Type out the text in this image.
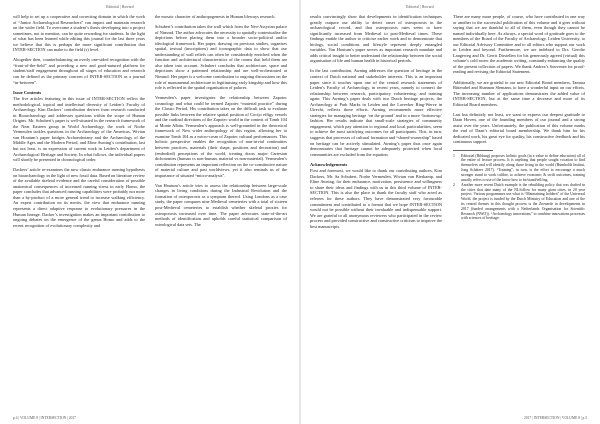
Editorial | Howard

will help to set up a cooperative and correcting domain in which the work of “Junior Archaeological Researchers” can impact and maintain research on the wider field. To overcome a student’s thesis developing into a project sometimes, not to mention, can be quite rewarding for students. In the light of what has been learned while editing this journal for the last three years we believe that this is perhaps the more significant contribution that INTER-SECTION can make to the field (s) level.

Altogether then, counterbalancing an overly one-sided recognition with the “front-of-the-field” and providing a new and good-natured platform for student/staff engagement throughout all stages of education and research can be defined as the primary concern of INTER-SECTION as a journal “in-between”.

Issue Contents

The five articles featuring in this issue of INTER-SECTION reflect the methodological, topical and intellectual diversity of Leiden’s Faculty of Archaeology. Kim Dackers’ contribution derives from research conducted in Bioarchaeology and addresses questions within the scope of Human Origins. Mr. Schubert’s paper is well-situated in the research framework of the Near Eastern group in World Archaeology, the work of Norbe Vermeulen tackles questions in the Archaeology of the Americas, Wivian van Houtum’s paper bridges Archaeobotany and the Archaeology of the Middle Ages and the Modern Period, and Eline Awning’s contribution, last but not least, is an expression of current work in Leiden’s department of Archaeological Heritage and Society. In what follows, the individual papers will shortly be presented in chronological order.

Dackers’ article re-examines the now classic endurance running hypothesis on bioarchaeology in the light of new fossil data. Based on literature review of the available skeletal evidence and the careful consideration of possible anatomical consequences of increased running stress in early Homo, the paper concludes that advanced running capabilities were probably not more than a by-product of a more general trend to increase walking efficiency. An expert contribution on its merits, the view that endurance running represents a direct adaptive response to evolutionary pressures in the Human lineage. Dacker’s investigation makes an important contribution to ongoing debates on the emergence of the genus Homo and adds to the recent recognition of evolutionary complexity and

the mosaic character of anthropogenesis in Human lifeways research.

Schubert’s contribution takes the wall which from the Neo-Assyrian palace of Nimrud. The author advocates the necessity to spatially contextualise the depictions before placing them into a broader socio-political and/or ideological framework. Her paper, drawing on previous studies, organises spatial, textual (inscriptions) and iconographic data to show that our understanding of wall reliefs can often be considerably enriched when the function and architectural characteristics of the rooms that held them are also taken into account. Schubert concludes that architecture, space and depictions show a patterned relationship and are well-orchestrated at Nimrud. Her paper is a welcome contribution to ongoing discussions on the role of monumental architecture in legitimising early kingship and how this role is reflected in the spatial organisation of palaces.

Vermeulen’s paper investigates the relationship between Zapotec cosmology and what could be termed Zapotec “material practice” during the Classic Period. His contribution takes on the difficult task to evaluate possible links between the relative spatial position of Cocijo effigy vessels and the cardinal directions of the Zapotec world in the context of Tomb 104 at Monte Albán. Vermeulen’s approach is well-grounded in the theoretical framework of New wider anthropology of this region, allowing her to examine Tomb 104 as a micro-cosm of Zapotec cultural performances. This holistic perspective enables the recognition of non-trivial continuities between practices, materials (their shape, positions and decoration) and (embodied) perceptions of the world, treating doors major Cartesian dichotomies (human vs non-human, material vs non-material). Vermeulen’s contribution represents an important reflection on the co-constitutive nature of material culture and past worldviews, yet it also reminds us of the importance of situated “micro-analysis”.

Van Houtum’s article tries to assess the relationship between large-scale changes in living conditions during the Industrial Revolution and the formation of osteoporosis as a symptom thereof. Using Londons as a case study, the paper compares nine Medieval cemeteries with a total of sixteen post-Medieval cemeteries to establish whether skeletal proxies for osteoporosis increased over time. The paper advocates state-of-the-art methods of identification and upholds careful statistical comparison of osteological data sets. The

p.4 | VOLUME 8 | INTERSECTION | 2017
Editorial | Howard

results convincingly show that developments in identification techniques greatly outpace our ability to detect onset of osteoporosis in the archaeological record, and that osteoporosis rates seem to have significantly increased from Medieval to post-Medieval times. These findings enable the author to criticise earlier work and to demonstrate that biology, social conditions and lifestyle represent deeply entangled variables. Van Houtum’s paper serves as important research mandate and adds critical insight to better understand the relationship between the social organisation of life and human health in historical periods.

In the last contribution, Awning addresses the question of heritage in the context of Dutch national and stakeholder interests. This is an important paper since it touches upon one of the central research statements of Leiden’s Faculty of Archaeology, in recent years, namely to connect the relationship between research, participatory volunteering, and training again. This Awning’s paper deals with two Dutch heritage projects, the Archaeology at Park Marks in Leiden and the Lavevker Ring-Werve in Utrecht, reflects those efforts. Awning recommends more effective strategies for managing heritage ‘on the ground’ and in a more ‘bottom-up’ fashion. Her results indicate that small-scale strategies of community engagement, which pay attention to regional and local particularities, seem to achieve the most satisfying outcomes for all participants. This, in turn, suggests that processes of cultural formation and “shared-ownership” based on heritage can be actively stimulated. Awning’s paper thus once again demonstrates that heritage cannot be adequately protected when local communities are excluded from the equation.

Acknowledgements

First and foremost, we would like to thank our contributing authors, Kim Dackers, Mr. Sa Schubert, Norbe Vermeulen, Wivian van Bierkamp, and Eline Awning, for their endurance, motivation, persistence and willingness to share their ideas and findings with us in this third volume of INTER-SECTION. This is also the place to thank the faculty staff who acted as referees for these authors. They have demonstrated very favourable commitment and contributed to a format that we hope INTER-SECTION would not be possible without their invaluable and indispensable support. We are grateful to all anonymous reviewers who participated in the review process and provided constructive and constructive criticism to improve the best manuscripts.

There are many more people, of course, who have contributed in one way or another to the successful publication of this volume and it goes without saying that we are thankful to all of them, even though they cannot be named individually here. As always, a special word of gratitude goes to the members of the Board of the Faculty of Archaeology, Leiden University, to our Editorial Advisory Committee and to all editors who support our work in Leiden and beyond. Furthermore, we are indebted to Drs. Gerolie Langeweg and Dr. Gerrit Dirstellen for his generously agreed (virtual) this volume’s cold room: the academic writing, constantly enhancing the quality of the present collection of papers. We thank Andrea’s Souvenea for proof-reading and revising the Editorial Statement.

Additionally, we are grateful to our new Editorial Board members, Tamara Bitterabel and Shannon Slemann, to have a wonderful input on our efforts. The increasing number of applications demonstrates the added value of INTER-SECTION, but at the same time a decrease and more of its Editorial Board members.

Last but definitely not least, we want to express our deepest gratitude to Daan Hoven, one of the founding members of our journal and a strong assist over the years. Unfortunately, the publication of this volume marks the end of Daan’s editorial board membership. We thank him for his dedicated work, his great eye for quality, his constructive feedback and his continuous support.

1	Editorial (Bildung) proposes holistic goals (in a value to define education) all of the entire of lecture process. It is anything that people sought vocation to find themselves and will identify along those living in the world (Humboldt Institut, Jong Schätzer 2017). “Training”, in turn, is the effort to encourage a much stronger stand to work calibre, to achieve economic & swift outcomes, training usually refers to use of the know how to be/stand/tell/ing.
2	Another more recent Dutch example is the rebuilding policy that was drafted in the cities that date many of the NL/follow for many giant cities, in 20 year project. Various programmes use what is “Maintaining holdern” of the Universal World, the project is funded by the Dutch Ministry of Education and one of the its central themes in this thought process is the Zoeaerde in developments in 2017 (funded arrangements with a Netherlands Organisation for Scientific Research (NWO)). “Archaeology innovations” to combine innovations processes with sciences of heritage.
2017 | INTERSECTION | VOLUME 8 | p.5
